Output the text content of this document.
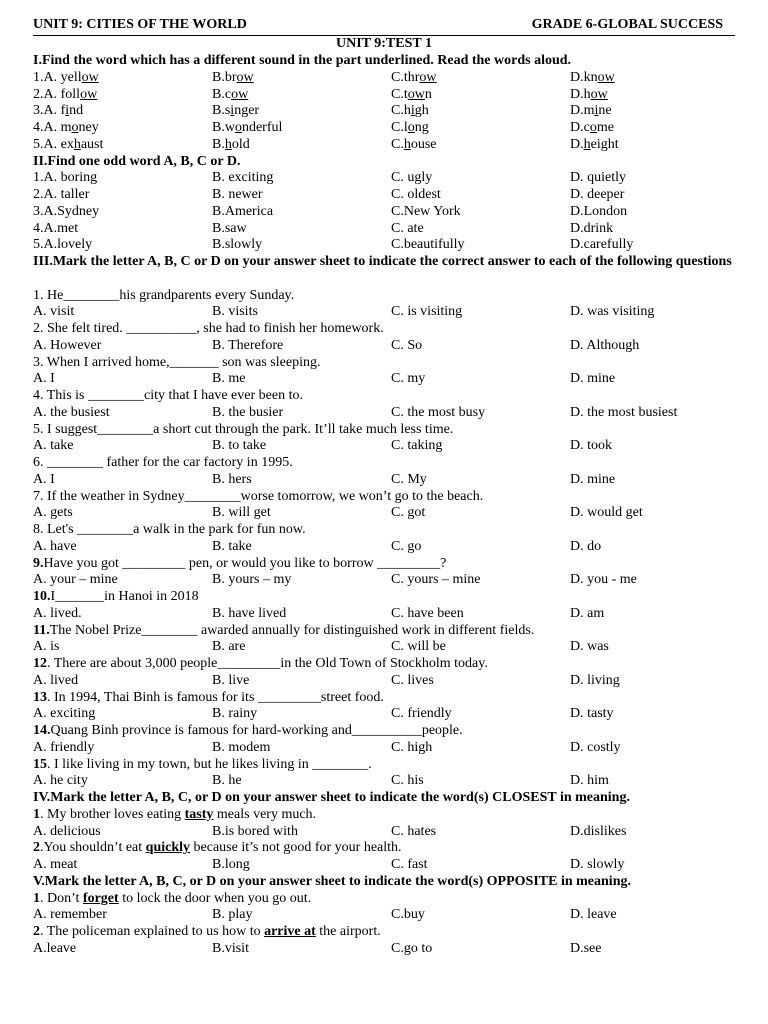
UNIT 9: CITIES OF THE WORLD	GRADE 6-GLOBAL SUCCESS
UNIT 9:TEST 1
I.Find the word which has a different sound in the part underlined. Read the words aloud.
1.A. yellow	B.brow	C.throw	D.know
2.A. follow	B.cow	C.town	D.how
3.A. find	B.singer	C.high	D.mine
4.A. money	B.wonderful	C.long	D.come
5.A. exhaust	B.hold	C.house	D.height
II.Find one odd word A, B, C or D.
1.A. boring	B. exciting	C. ugly	D. quietly
2.A. taller	B. newer	C. oldest	D. deeper
3.A.Sydney	B.America	C.New York	D.London
4.A.met	B.saw	C. ate	D.drink
5.A.lovely	B.slowly	C.beautifully	D.carefully
III.Mark the letter A, B, C or D on your answer sheet to indicate the correct answer to each of the following questions
1. He________his grandparents every Sunday.
A. visit	B. visits	C. is visiting	D. was visiting
2. She felt tired. __________, she had to finish her homework.
A. However	B. Therefore	C. So	D. Although
3. When I arrived home,_______ son was sleeping.
A. I	B. me	C. my	D. mine
4. This is ________city that I have ever been to.
A. the busiest	B. the busier	C. the most busy	D. the most busiest
5. I suggest________a short cut through the park. It’ll take much less time.
A. take	B. to take	C. taking	D. took
6. ________ father for the car factory in 1995.
A. I	B. hers	C. My	D. mine
7. If the weather in Sydney________worse tomorrow, we won’t go to the beach.
A. gets	B. will get	C. got	D. would get
8. Let's ________a walk in the park for fun now.
A. have	B. take	C. go	D. do
9.Have you got _________ pen, or would you like to borrow _________?
A. your – mine	B. yours – my	C. yours – mine	D. you - me
10.I_______in Hanoi in 2018
A. lived.	B. have lived	C. have been	D. am
11.The Nobel Prize________ awarded annually for distinguished work in different fields.
A. is	B. are	C. will be	D. was
12. There are about 3,000 people_________in the Old Town of Stockholm today.
A. lived	B. live	C. lives	D. living
13. In 1994, Thai Binh is famous for its _________street food.
A. exciting	B. rainy	C. friendly	D. tasty
14.Quang Binh province is famous for hard-working and__________people.
A. friendly	B. modem	C. high	D. costly
15. I like living in my town, but he likes living in ________.
A. he city	B. he	C. his	D. him
IV.Mark the letter A, B, C, or D on your answer sheet to indicate the word(s) CLOSEST in meaning.
1. My brother loves eating tasty meals very much.
A. delicious	B.is bored with	C. hates	D.dislikes
2.You shouldn’t eat quickly because it’s not good for your health.
A. meat	B.long	C. fast	D. slowly
V.Mark the letter A, B, C, or D on your answer sheet to indicate the word(s) OPPOSITE in meaning.
1. Don’t forget to lock the door when you go out.
A. remember	B. play	C.buy	D. leave
2. The policeman explained to us how to arrive at the airport.
A.leave	B.visit	C.go to	D.see
